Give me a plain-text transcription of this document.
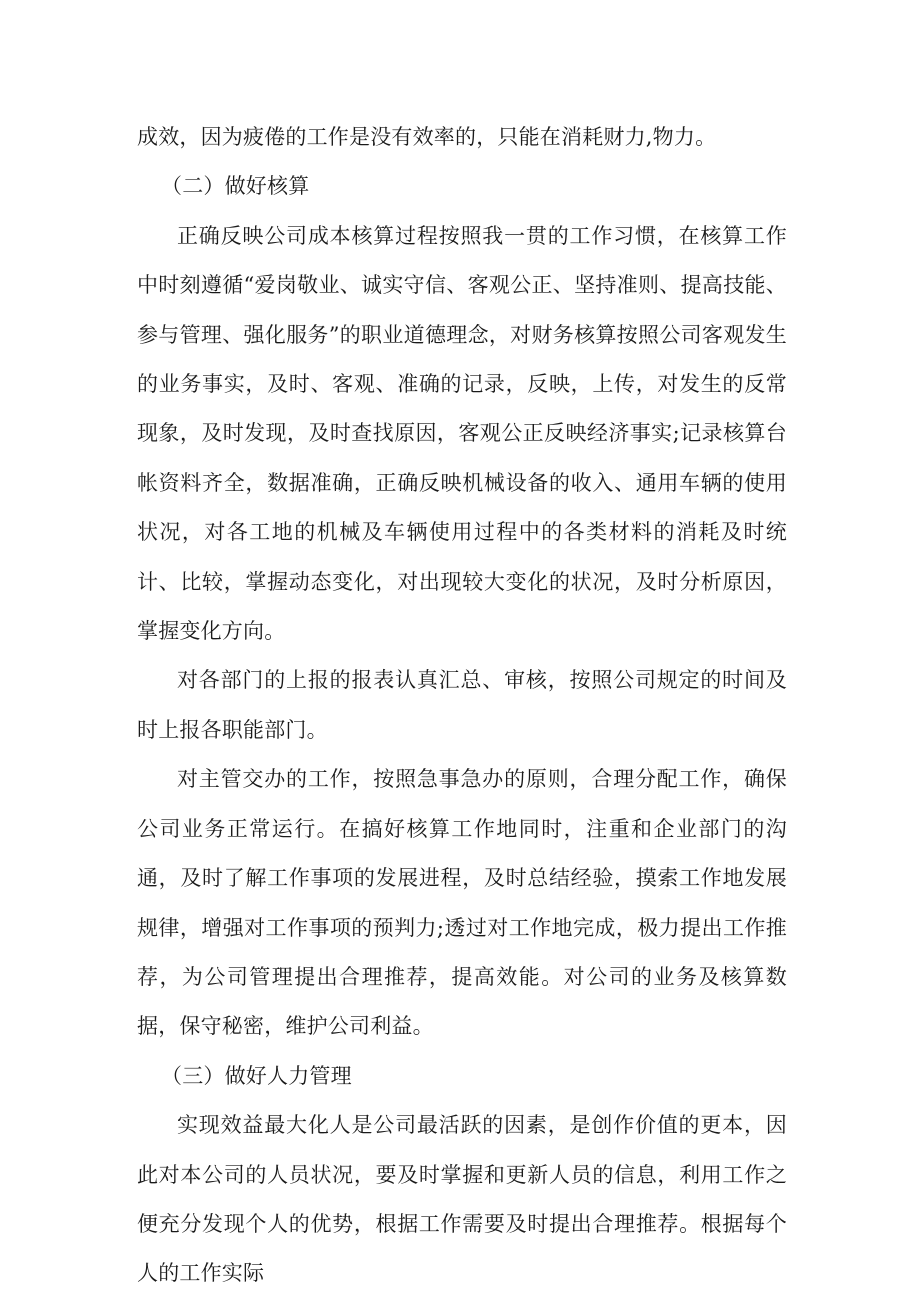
成效，因为疲倦的工作是没有效率的，只能在消耗财力,物力。

（二）做好核算

正确反映公司成本核算过程按照我一贯的工作习惯，在核算工作中时刻遵循“爱岗敬业、诚实守信、客观公正、坚持准则、提高技能、参与管理、强化服务”的职业道德理念，对财务核算按照公司客观发生的业务事实，及时、客观、准确的记录，反映，上传，对发生的反常现象，及时发现，及时查找原因，客观公正反映经济事实;记录核算台帐资料齐全，数据准确，正确反映机械设备的收入、通用车辆的使用状况，对各工地的机械及车辆使用过程中的各类材料的消耗及时统计、比较，掌握动态变化，对出现较大变化的状况，及时分析原因，掌握变化方向。

对各部门的上报的报表认真汇总、审核，按照公司规定的时间及时上报各职能部门。

对主管交办的工作，按照急事急办的原则，合理分配工作，确保公司业务正常运行。在搞好核算工作地同时，注重和企业部门的沟通，及时了解工作事项的发展进程，及时总结经验，摸索工作地发展规律，增强对工作事项的预判力;透过对工作地完成，极力提出工作推荐，为公司管理提出合理推荐，提高效能。对公司的业务及核算数据，保守秘密，维护公司利益。

（三）做好人力管理

实现效益最大化人是公司最活跃的因素，是创作价值的更本，因此对本公司的人员状况，要及时掌握和更新人员的信息，利用工作之便充分发现个人的优势，根据工作需要及时提出合理推荐。根据每个人的工作实际
